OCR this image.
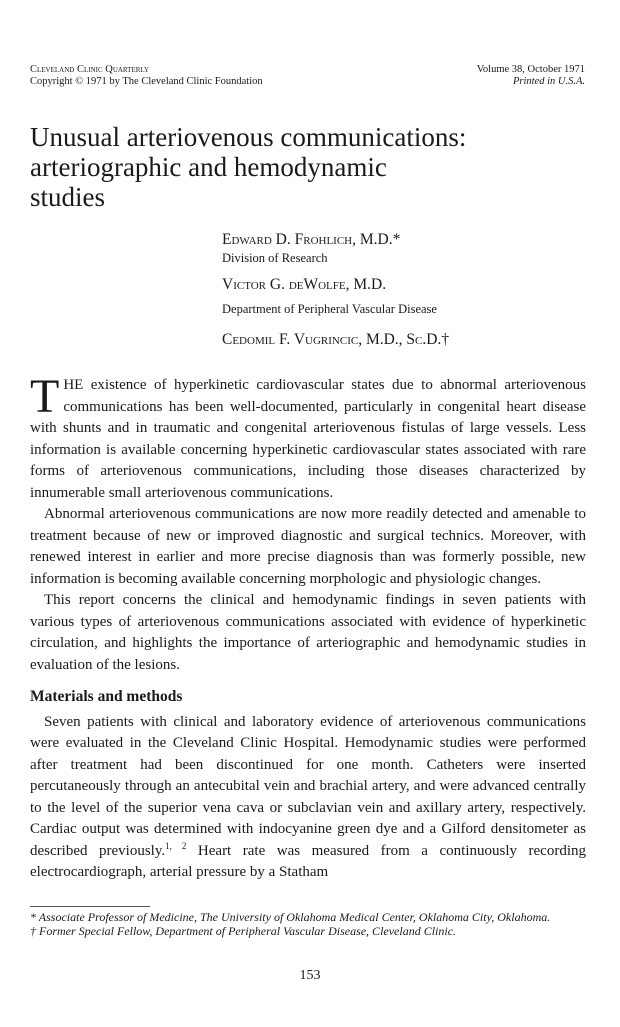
Cleveland Clinic Quarterly
Copyright © 1971 by The Cleveland Clinic Foundation
Volume 38, October 1971
Printed in U.S.A.
Unusual arteriovenous communications:
arteriographic and hemodynamic
studies
Edward D. Frohlich, M.D.*
Division of Research
Victor G. deWolfe, M.D.
Department of Peripheral Vascular Disease
Cedomil F. Vugrincic, M.D., Sc.D.†

THE existence of hyperkinetic cardiovascular states due to abnormal arteriovenous communications has been well-documented, particularly in congenital heart disease with shunts and in traumatic and congenital arteriovenous fistulas of large vessels. Less information is available concerning hyperkinetic cardiovascular states associated with rare forms of arteriovenous communications, including those diseases characterized by innumerable small arteriovenous communications.

Abnormal arteriovenous communications are now more readily detected and amenable to treatment because of new or improved diagnostic and surgical technics. Moreover, with renewed interest in earlier and more precise diagnosis than was formerly possible, new information is becoming available concerning morphologic and physiologic changes.

This report concerns the clinical and hemodynamic findings in seven patients with various types of arteriovenous communications associated with evidence of hyperkinetic circulation, and highlights the importance of arteriographic and hemodynamic studies in evaluation of the lesions.

Materials and methods

Seven patients with clinical and laboratory evidence of arteriovenous communications were evaluated in the Cleveland Clinic Hospital. Hemodynamic studies were performed after treatment had been discontinued for one month. Catheters were inserted percutaneously through an antecubital vein and brachial artery, and were advanced centrally to the level of the superior vena cava or subclavian vein and axillary artery, respectively. Cardiac output was determined with indocyanine green dye and a Gilford densitometer as described previously.$^{1, 2}$ Heart rate was measured from a continuously recording electrocardiograph, arterial pressure by a Statham

* Associate Professor of Medicine, The University of Oklahoma Medical Center, Oklahoma City, Oklahoma.
† Former Special Fellow, Department of Peripheral Vascular Disease, Cleveland Clinic.
153
